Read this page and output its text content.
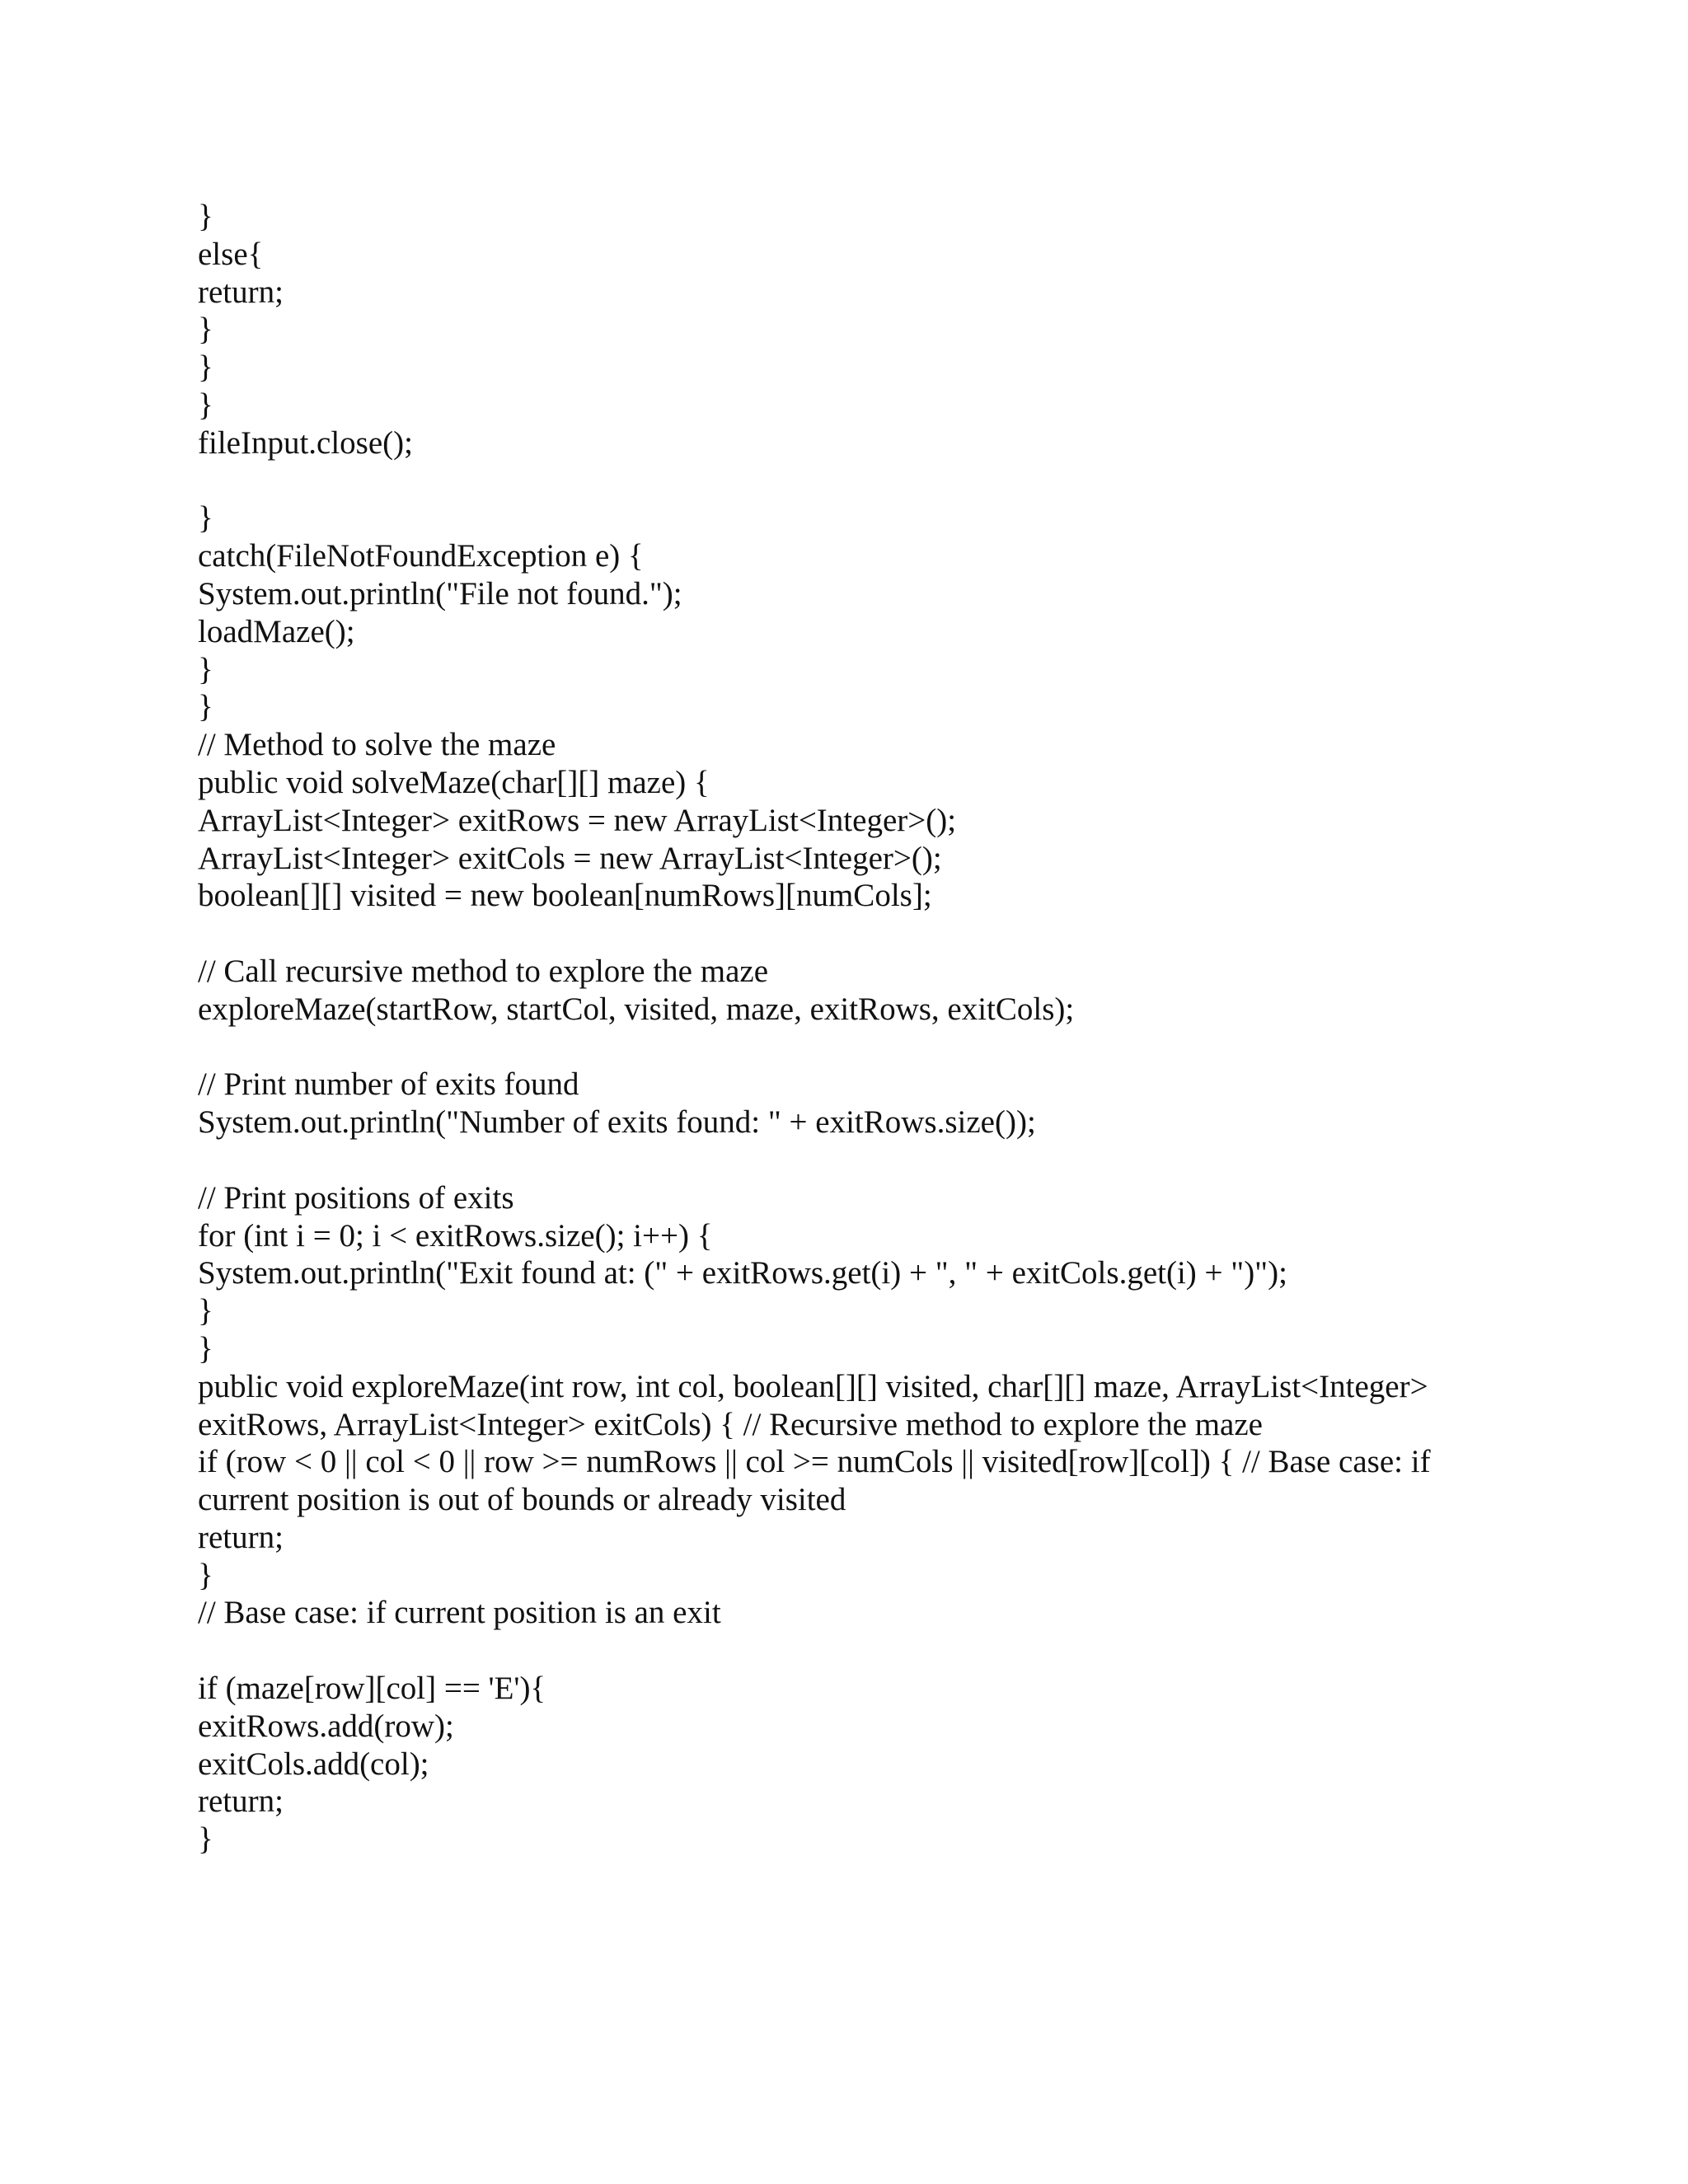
}
else{
return;
}
}
}
fileInput.close();
}
catch(FileNotFoundException e) {
System.out.println("File not found.");
loadMaze();
}
}
// Method to solve the maze
public void solveMaze(char[][] maze) {
ArrayList<Integer> exitRows = new ArrayList<Integer>();
ArrayList<Integer> exitCols = new ArrayList<Integer>();
boolean[][] visited = new boolean[numRows][numCols];
// Call recursive method to explore the maze
exploreMaze(startRow, startCol, visited, maze, exitRows, exitCols);
// Print number of exits found
System.out.println("Number of exits found: " + exitRows.size());
// Print positions of exits
for (int i = 0; i < exitRows.size(); i++) {
System.out.println("Exit found at: (" + exitRows.get(i) + ", " + exitCols.get(i) + ")");
}
}
public void exploreMaze(int row, int col, boolean[][] visited, char[][] maze, ArrayList<Integer>
exitRows, ArrayList<Integer> exitCols) { // Recursive method to explore the maze
if (row < 0 || col < 0 || row >= numRows || col >= numCols || visited[row][col]) { // Base case: if
current position is out of bounds or already visited
return;
}
// Base case: if current position is an exit
if (maze[row][col] == 'E'){
exitRows.add(row);
exitCols.add(col);
return;
}
